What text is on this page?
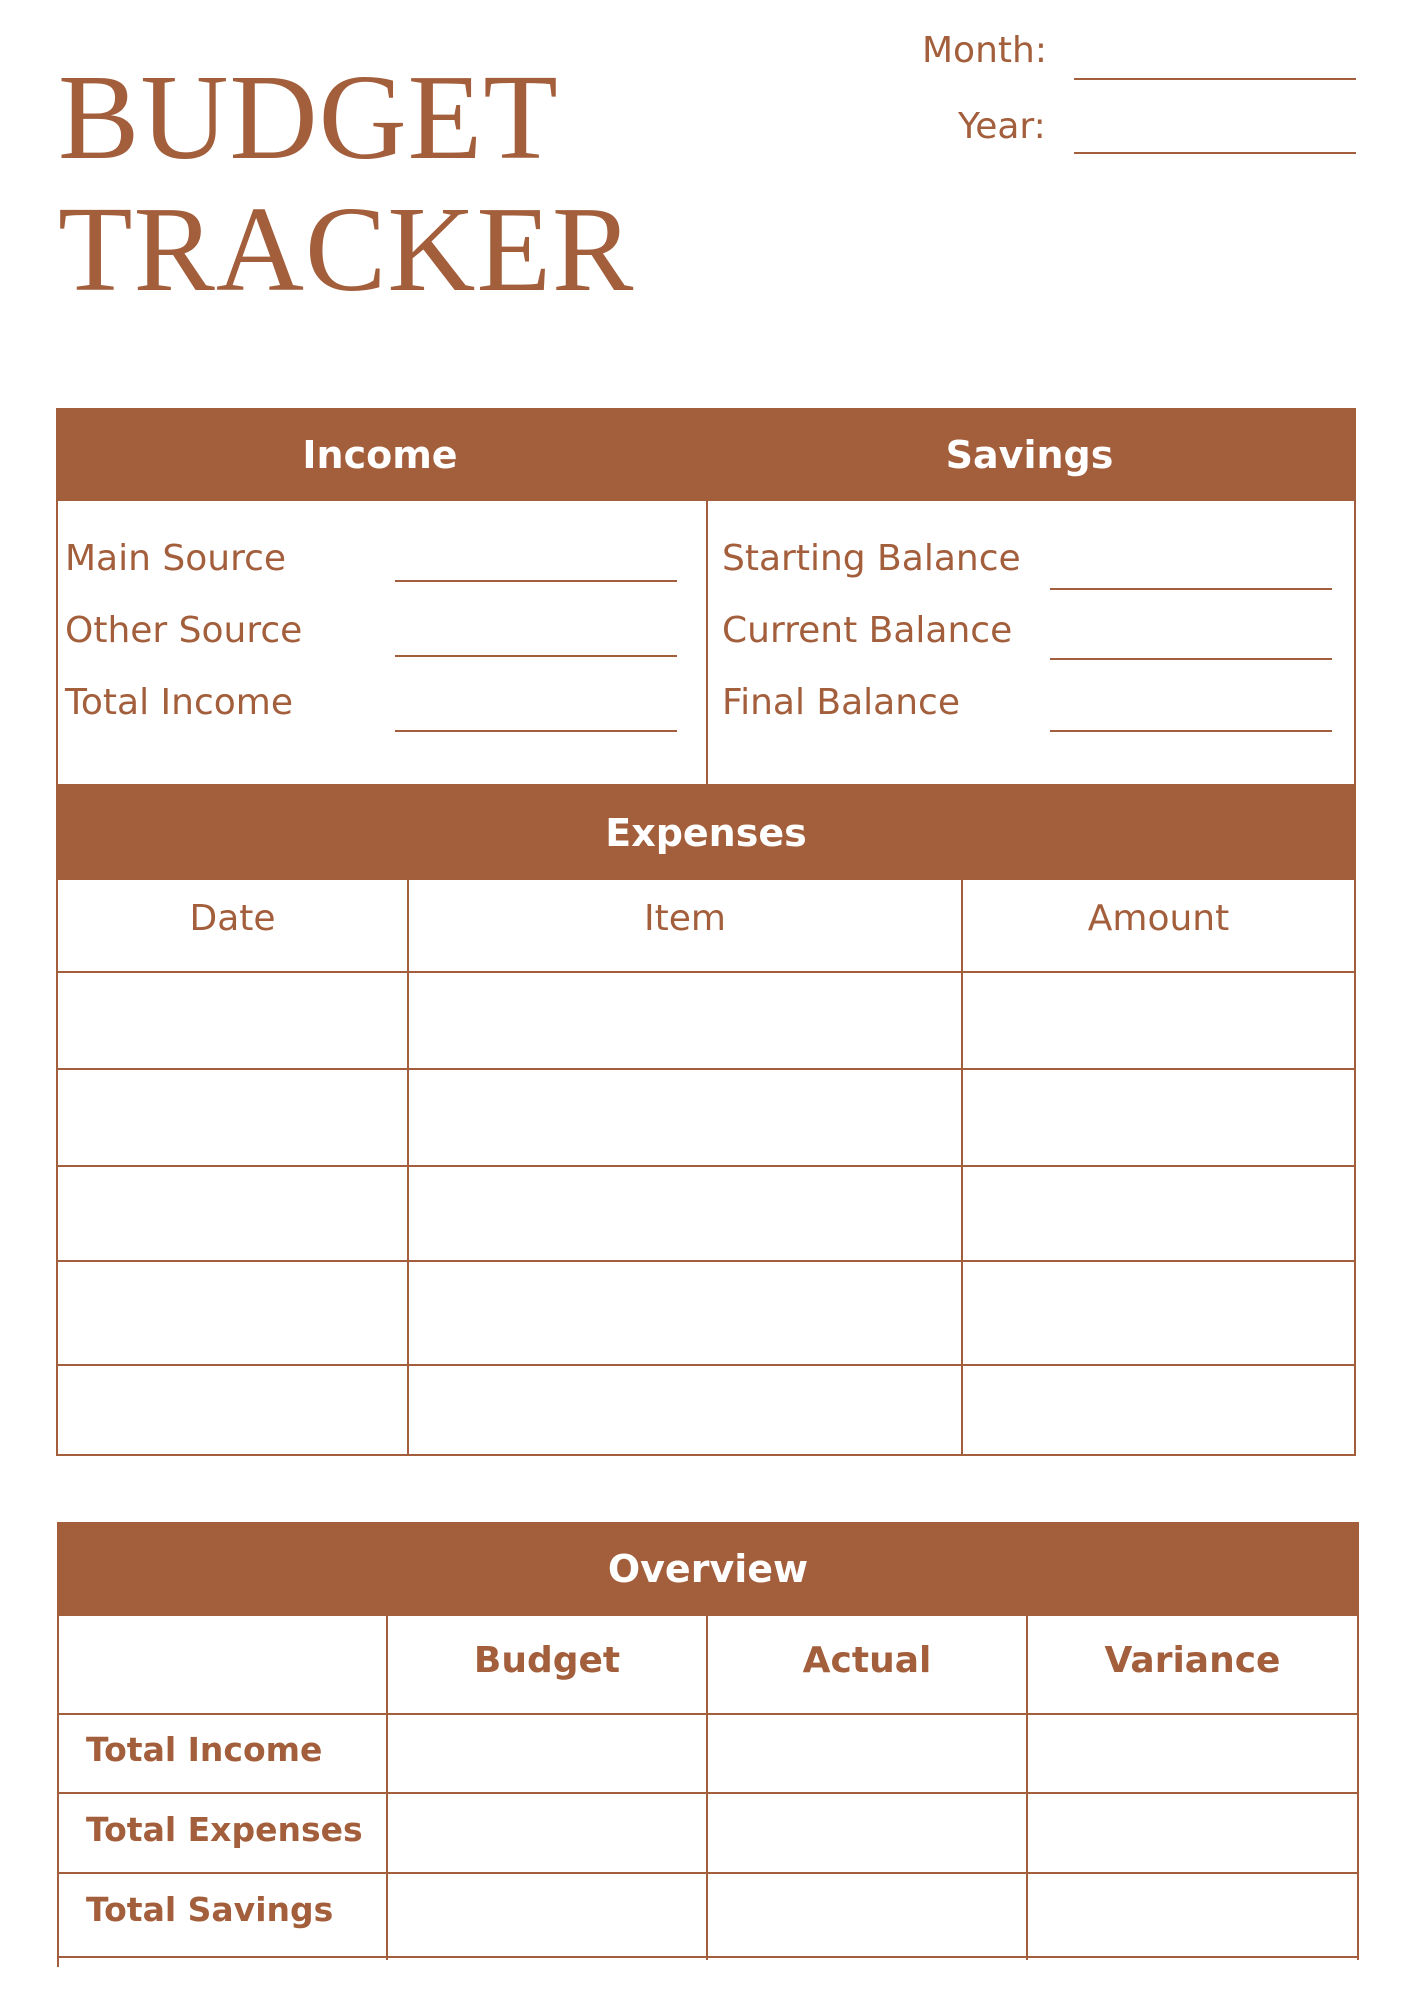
BUDGET
TRACKER
Month:
Year:
Income	Savings
Main Source
Other Source
Total Income
Starting Balance
Current Balance
Final Balance
Expenses
Date	Item	Amount
Overview
Budget	Actual	Variance
Total Income
Total Expenses
Total Savings
